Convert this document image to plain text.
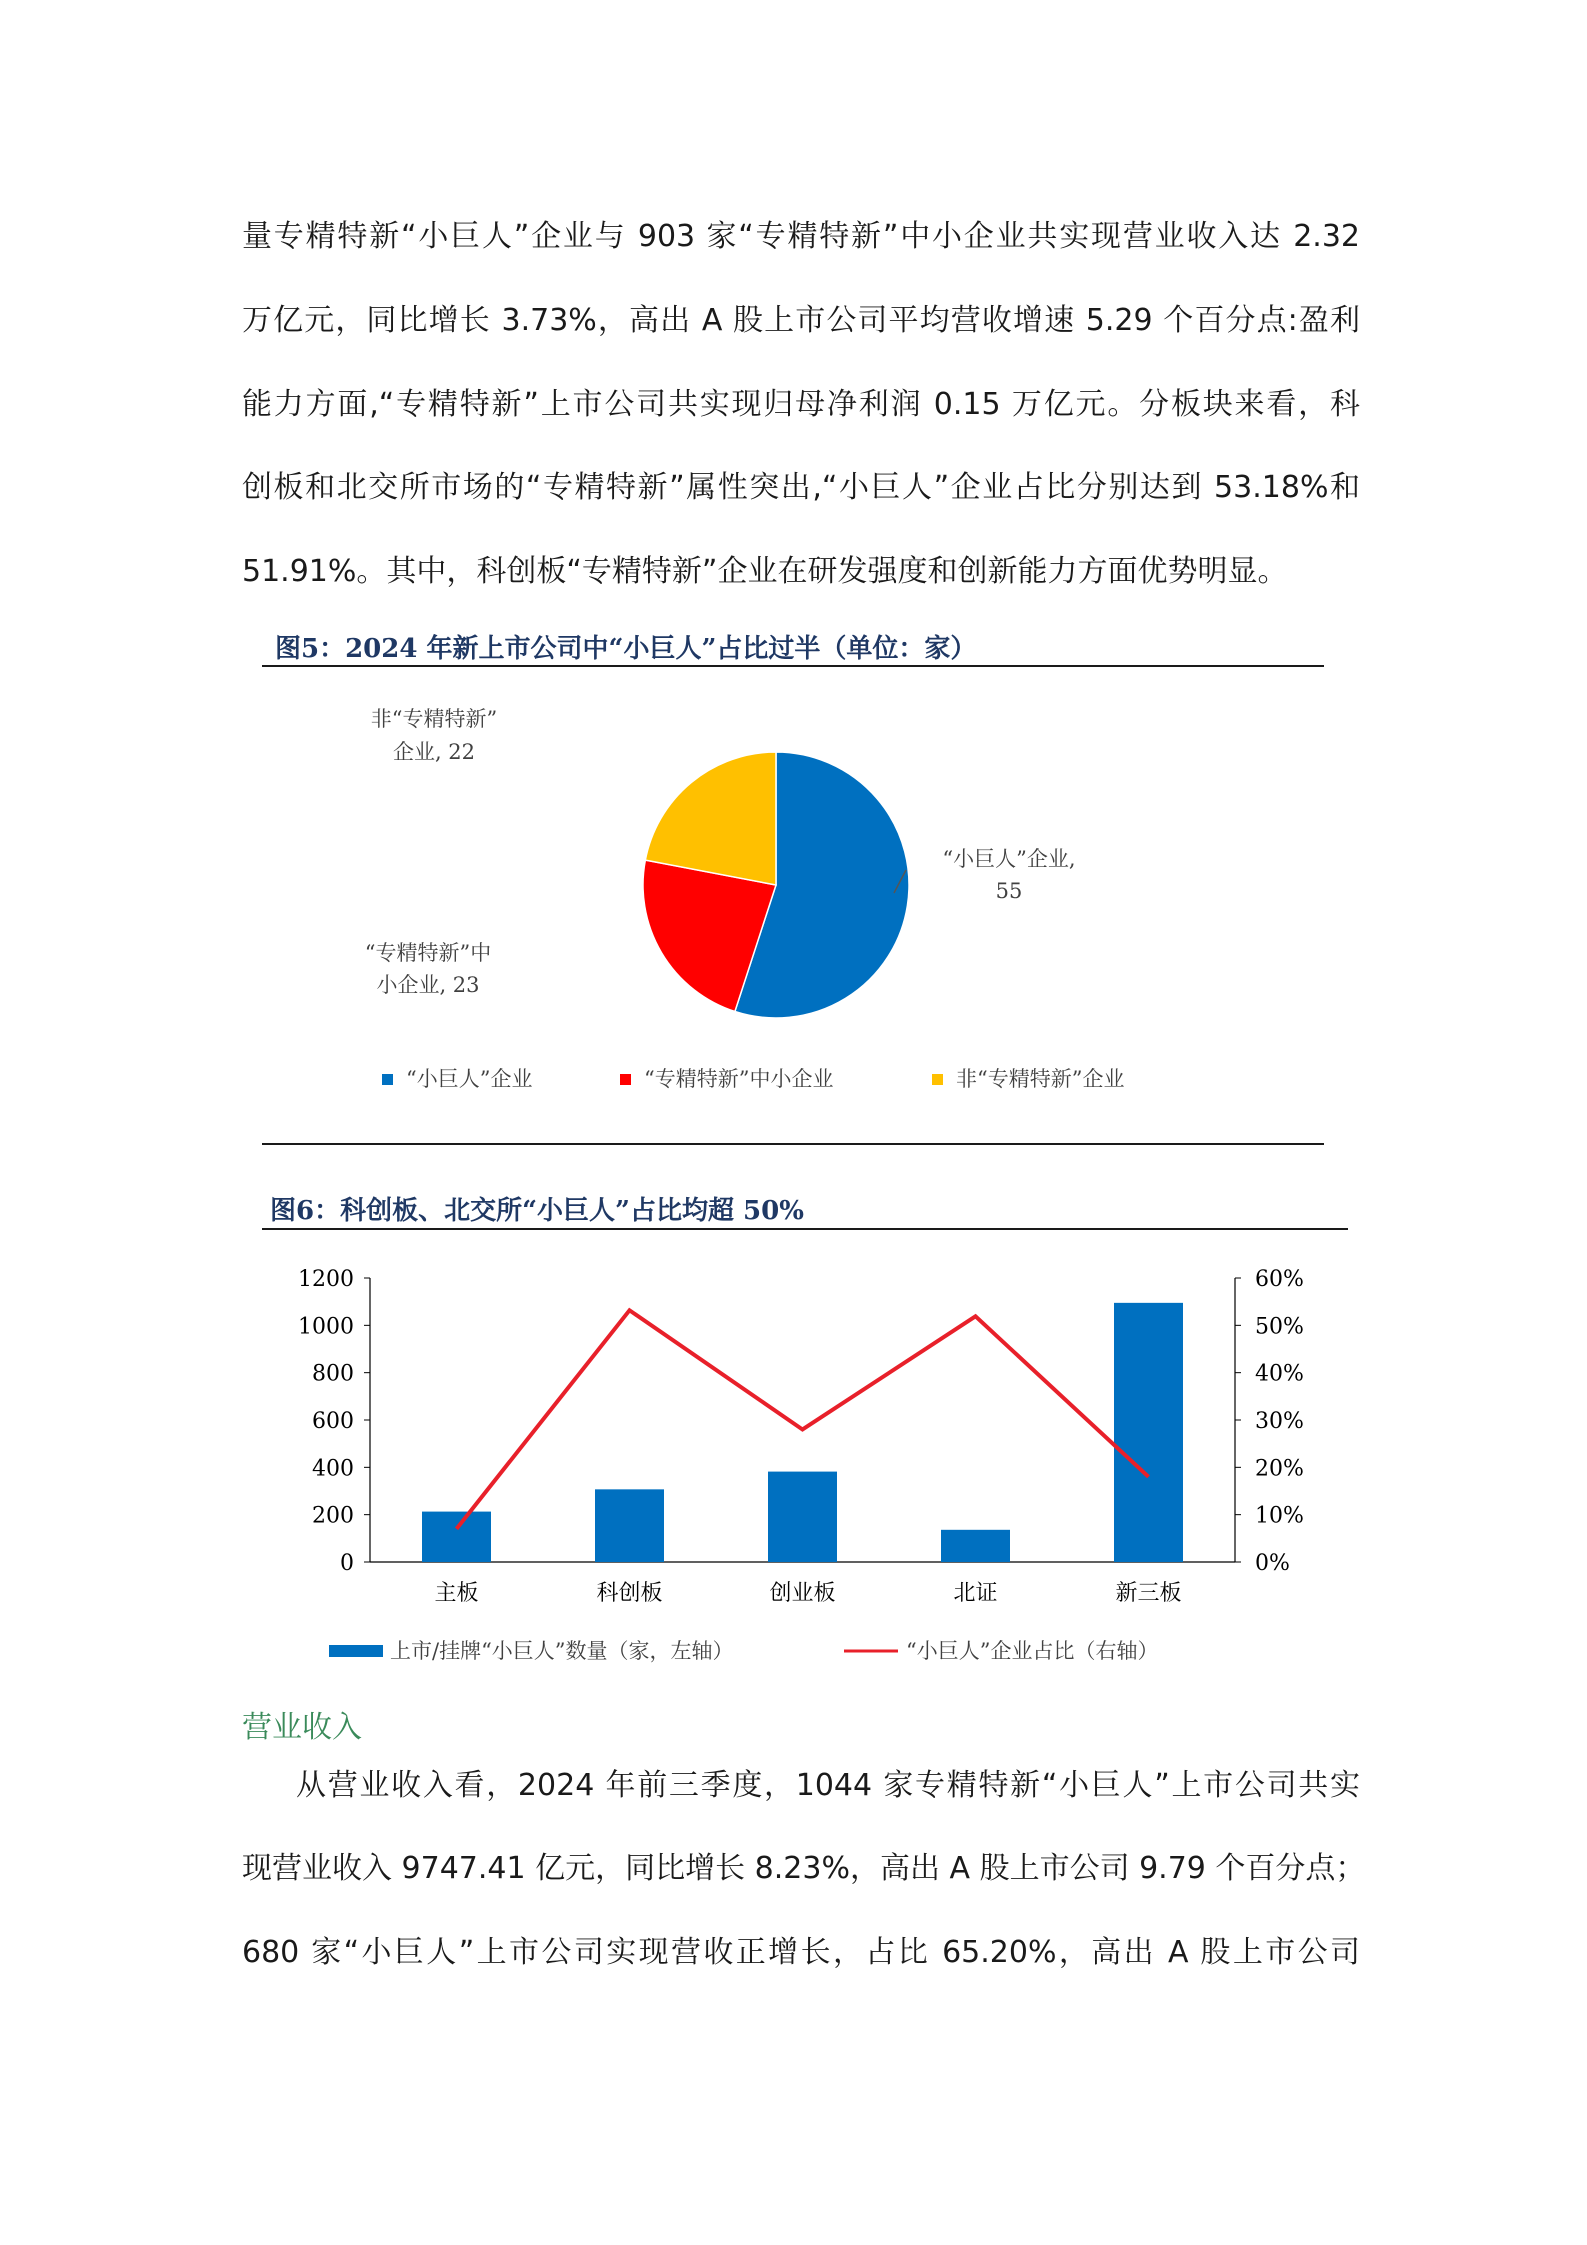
量专精特新“小巨人”企业与 903 家“专精特新”中小企业共实现营业收入达 2.32
万亿元，同比增长 3.73%，高出 A 股上市公司平均营收增速 5.29 个百分点:盈利
能力方面,“专精特新”上市公司共实现归母净利润 0.15 万亿元。分板块来看，科
创板和北交所市场的“专精特新”属性突出,“小巨人”企业占比分别达到 53.18%和
51.91%。其中，科创板“专精特新”企业在研发强度和创新能力方面优势明显。
图5：2024 年新上市公司中“小巨人”占比过半（单位：家）
“小巨人”企业,
55
“专精特新”中
小企业, 23
非“专精特新”
企业, 22
“小巨人”企业	“专精特新”中小企业	非“专精特新”企业
图6：科创板、北交所“小巨人”占比均超 50%
0
200
400
600
800
1000
1200
0%
10%
20%
30%
40%
50%
60%
主板	科创板	创业板	北证	新三板
上市/挂牌“小巨人”数量（家，左轴）	“小巨人”企业占比（右轴）
营业收入
从营业收入看，2024 年前三季度，1044 家专精特新“小巨人”上市公司共实
现营业收入 9747.41 亿元，同比增长 8.23%，高出 A 股上市公司 9.79 个百分点；
680 家“小巨人”上市公司实现营收正增长，占比 65.20%，高出 A 股上市公司
